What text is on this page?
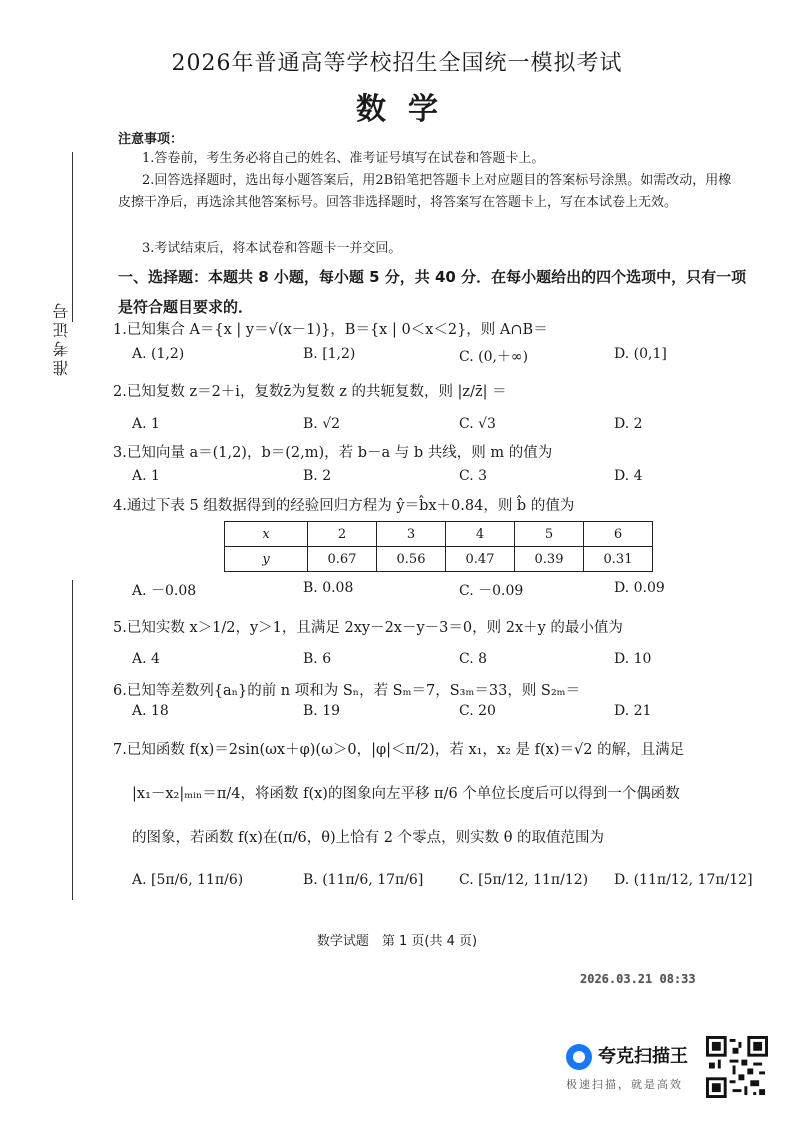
2026年普通高等学校招生全国统一模拟考试
数学
准考证号
注意事项：
1.答卷前，考生务必将自己的姓名、准考证号填写在试卷和答题卡上。
2.回答选择题时，选出每小题答案后，用2B铅笔把答题卡上对应题目的答案标号涂黑。如需改动，用橡皮擦干净后，再选涂其他答案标号。回答非选择题时，将答案写在答题卡上，写在本试卷上无效。
3.考试结束后，将本试卷和答题卡一并交回。
一、选择题：本题共 8 小题，每小题 5 分，共 40 分．在每小题给出的四个选项中，只有一项是符合题目要求的．
1.已知集合 A＝{x | y＝√(x－1)}，B＝{x | 0＜x＜2}，则 A∩B＝
A. (1,2)	B. [1,2)	C. (0,＋∞)	D. (0,1]
2.已知复数 z＝2＋i，复数z̄为复数 z 的共轭复数，则 |z/z̄| ＝
A. 1	B. √2	C. √3	D. 2
3.已知向量 a＝(1,2)，b＝(2,m)，若 b－a 与 b 共线，则 m 的值为
A. 1	B. 2	C. 3	D. 4
4.通过下表 5 组数据得到的经验回归方程为 ŷ＝b̂x＋0.84，则 b̂ 的值为
x	2	3	4	5	6
y	0.67	0.56	0.47	0.39	0.31
A. －0.08	B. 0.08	C. －0.09	D. 0.09
5.已知实数 x＞1/2，y＞1，且满足 2xy－2x－y－3＝0，则 2x＋y 的最小值为
A. 4	B. 6	C. 8	D. 10
6.已知等差数列{aₙ}的前 n 项和为 Sₙ，若 Sₘ＝7，S₃ₘ＝33，则 S₂ₘ＝
A. 18	B. 19	C. 20	D. 21
7.已知函数 f(x)＝2sin(ωx＋φ)(ω＞0，|φ|＜π/2)，若 x₁，x₂ 是 f(x)＝√2 的解，且满足
|x₁－x₂|ₘᵢₙ＝π/4，将函数 f(x)的图象向左平移 π/6 个单位长度后可以得到一个偶函数
的图象，若函数 f(x)在(π/6，θ)上恰有 2 个零点，则实数 θ 的取值范围为
A. [5π/6, 11π/6)	B. (11π/6, 17π/6]	C. [5π/12, 11π/12) D. (11π/12, 17π/12]
数学试题　第 1 页(共 4 页)
2026.03.21 08:33
夸克扫描王
极速扫描，就是高效
